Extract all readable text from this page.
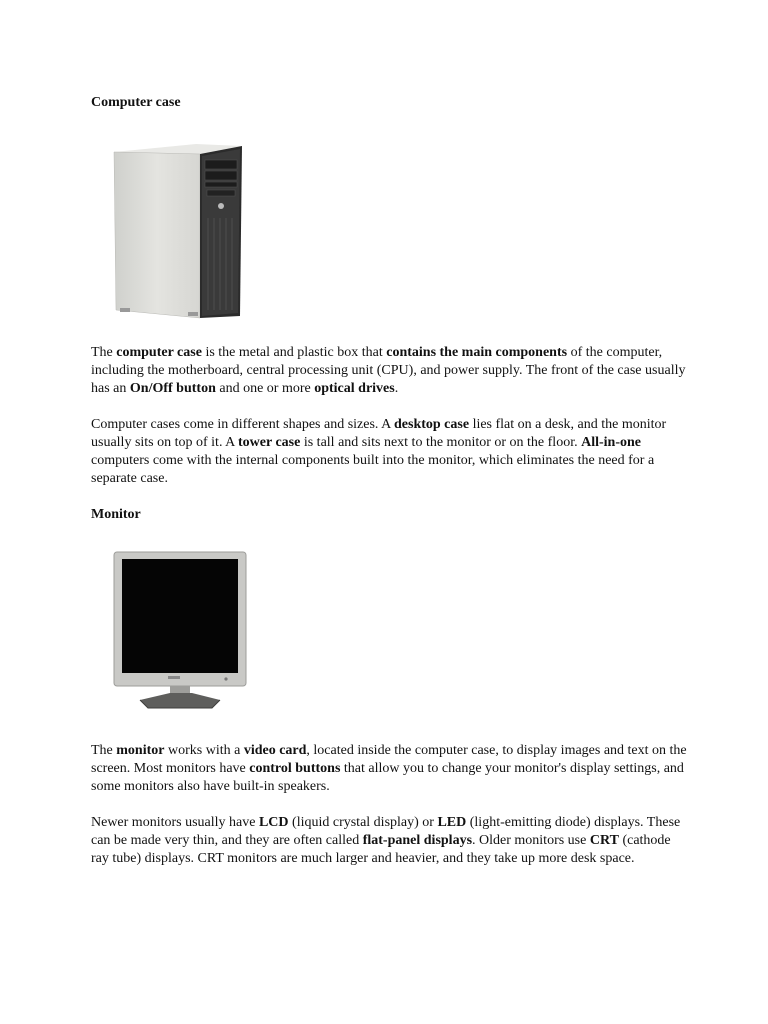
Computer case

The computer case is the metal and plastic box that contains the main components of the computer, including the motherboard, central processing unit (CPU), and power supply. The front of the case usually has an On/Off button and one or more optical drives.

Computer cases come in different shapes and sizes. A desktop case lies flat on a desk, and the monitor usually sits on top of it. A tower case is tall and sits next to the monitor or on the floor. All-in-one computers come with the internal components built into the monitor, which eliminates the need for a separate case.

Monitor

The monitor works with a video card, located inside the computer case, to display images and text on the screen. Most monitors have control buttons that allow you to change your monitor's display settings, and some monitors also have built-in speakers.

Newer monitors usually have LCD (liquid crystal display) or LED (light-emitting diode) displays. These can be made very thin, and they are often called flat-panel displays. Older monitors use CRT (cathode ray tube) displays. CRT monitors are much larger and heavier, and they take up more desk space.
